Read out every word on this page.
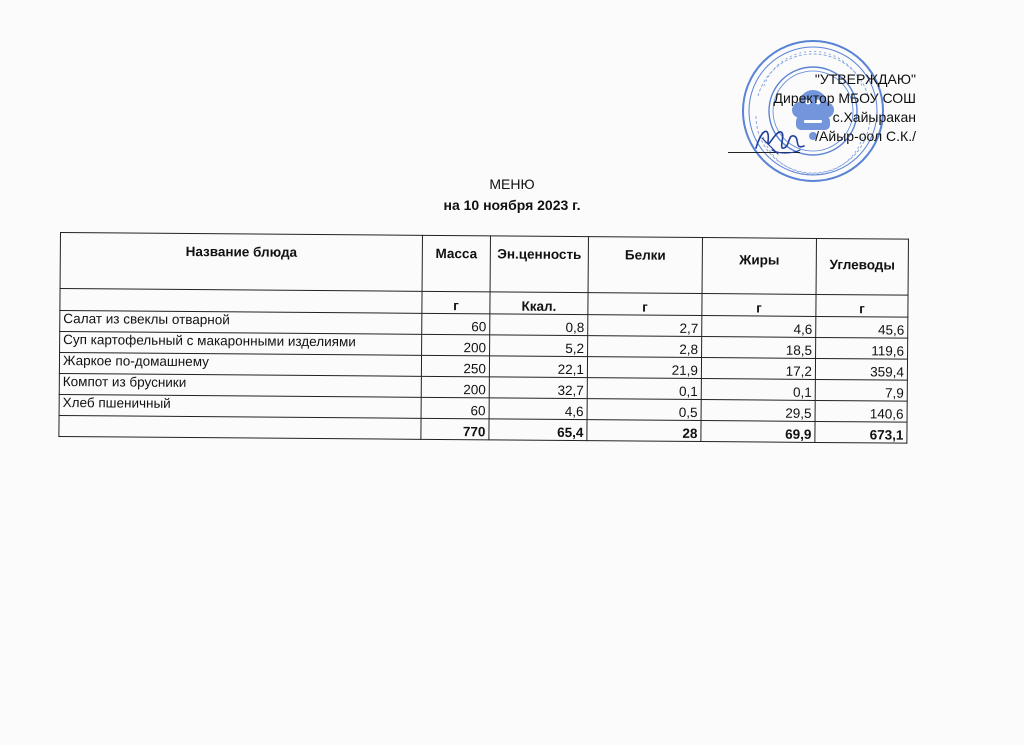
"УТВЕРЖДАЮ"
Директор МБОУ СОШ
с.Хайыракан
/Айыр-оол С.К./
МЕНЮ
на 10 ноября 2023 г.
Название блюда	Масса	Эн.ценность	Белки	Жиры	Углеводы
	г	Ккал.	г	г	г
Салат из свеклы отварной	60	0,8	2,7	4,6	45,6
Суп картофельный с макаронными изделиями	200	5,2	2,8	18,5	119,6
Жаркое по-домашнему	250	22,1	21,9	17,2	359,4
Компот из брусники	200	32,7	0,1	0,1	7,9
Хлеб пшеничный	60	4,6	0,5	29,5	140,6
	770	65,4	28	69,9	673,1
